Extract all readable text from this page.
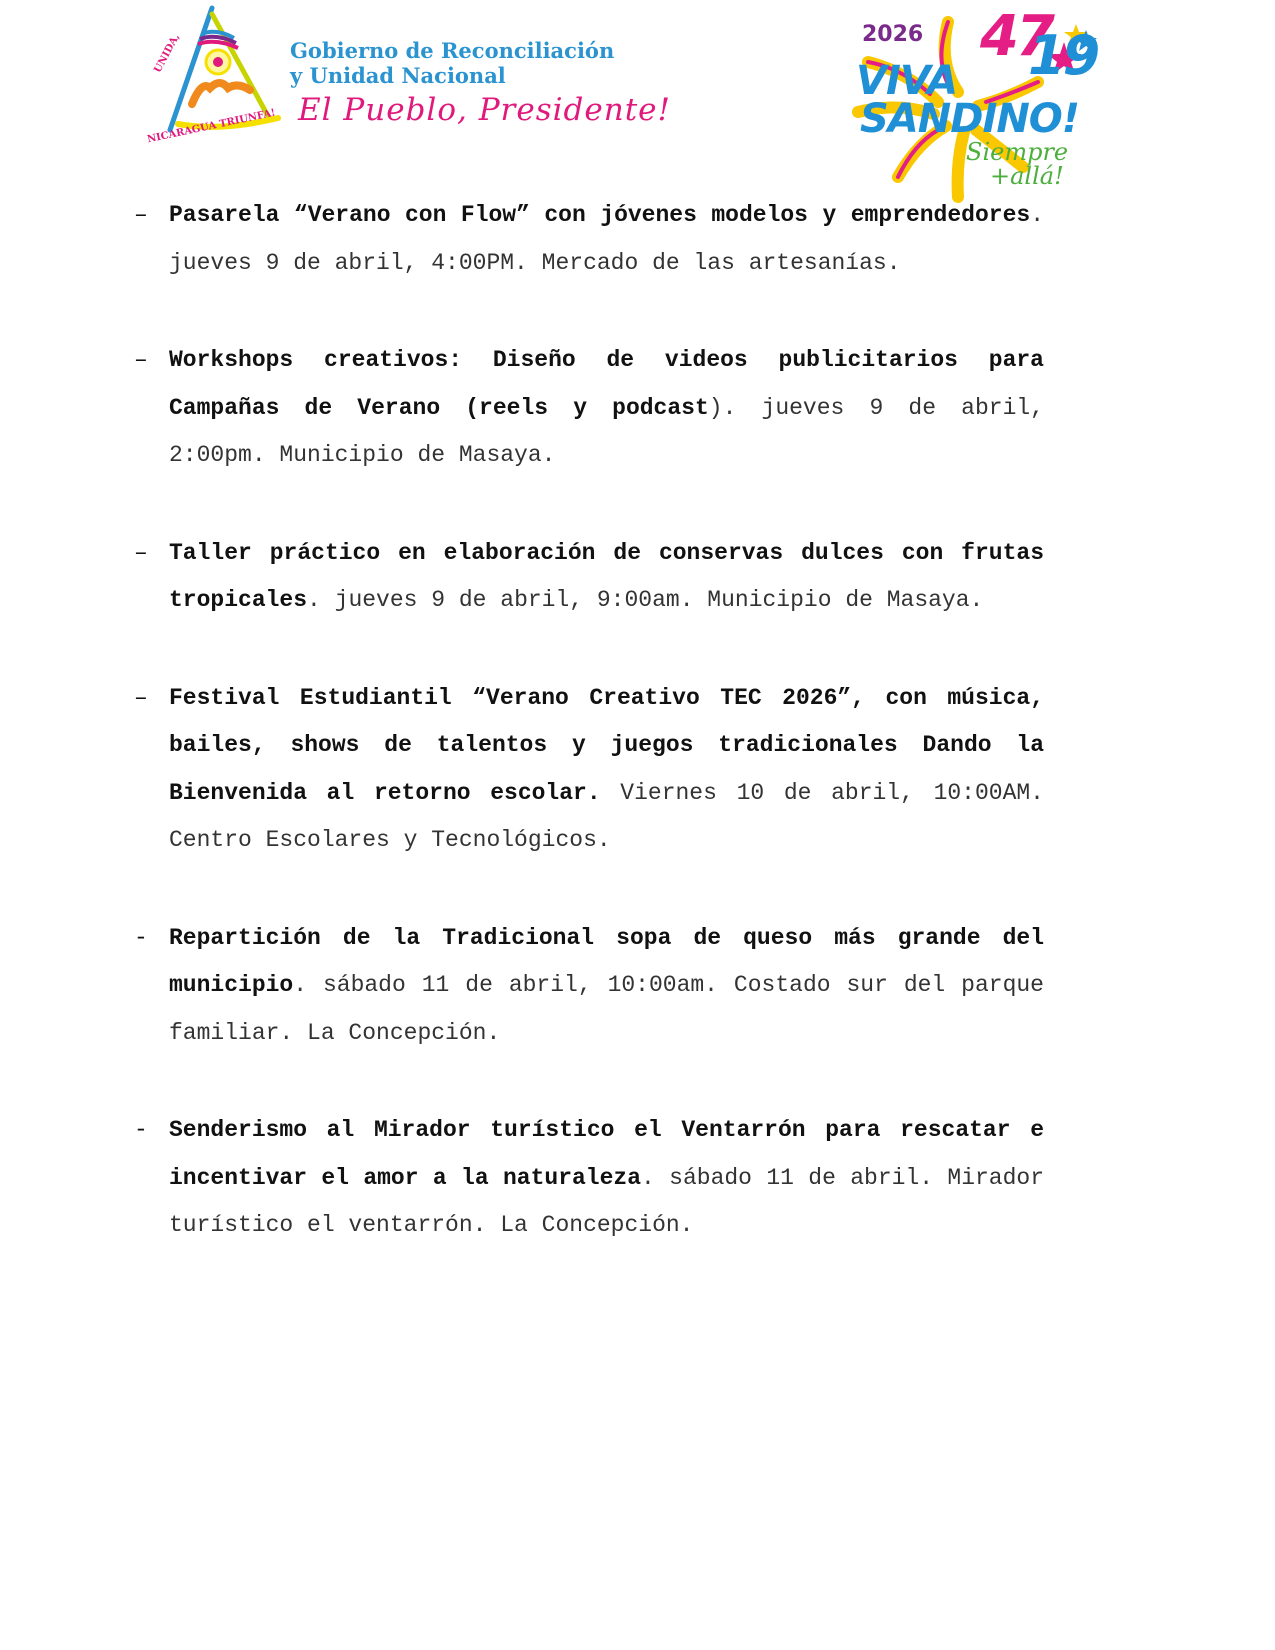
UNIDA,
NICARAGUA TRIUNFA!
Gobierno de Reconciliación
y Unidad Nacional
El Pueblo, Presidente!
2026 47
19
VIVA
SANDINO!
Siempre
+allá!
– Pasarela “Verano con Flow” con jóvenes modelos y emprendedores. jueves 9 de abril, 4:00PM. Mercado de las artesanías.
– Workshops creativos: Diseño de videos publicitarios para Campañas de Verano (reels y podcast). jueves 9 de abril, 2:00pm. Municipio de Masaya.
– Taller práctico en elaboración de conservas dulces con frutas tropicales. jueves 9 de abril, 9:00am. Municipio de Masaya.
– Festival Estudiantil “Verano Creativo TEC 2026”, con música, bailes, shows de talentos y juegos tradicionales Dando la Bienvenida al retorno escolar. Viernes 10 de abril, 10:00AM. Centro Escolares y Tecnológicos.
- Repartición de la Tradicional sopa de queso más grande del municipio. sábado 11 de abril, 10:00am. Costado sur del parque familiar. La Concepción.
- Senderismo al Mirador turístico el Ventarrón para rescatar e incentivar el amor a la naturaleza. sábado 11 de abril. Mirador turístico el ventarrón. La Concepción.
